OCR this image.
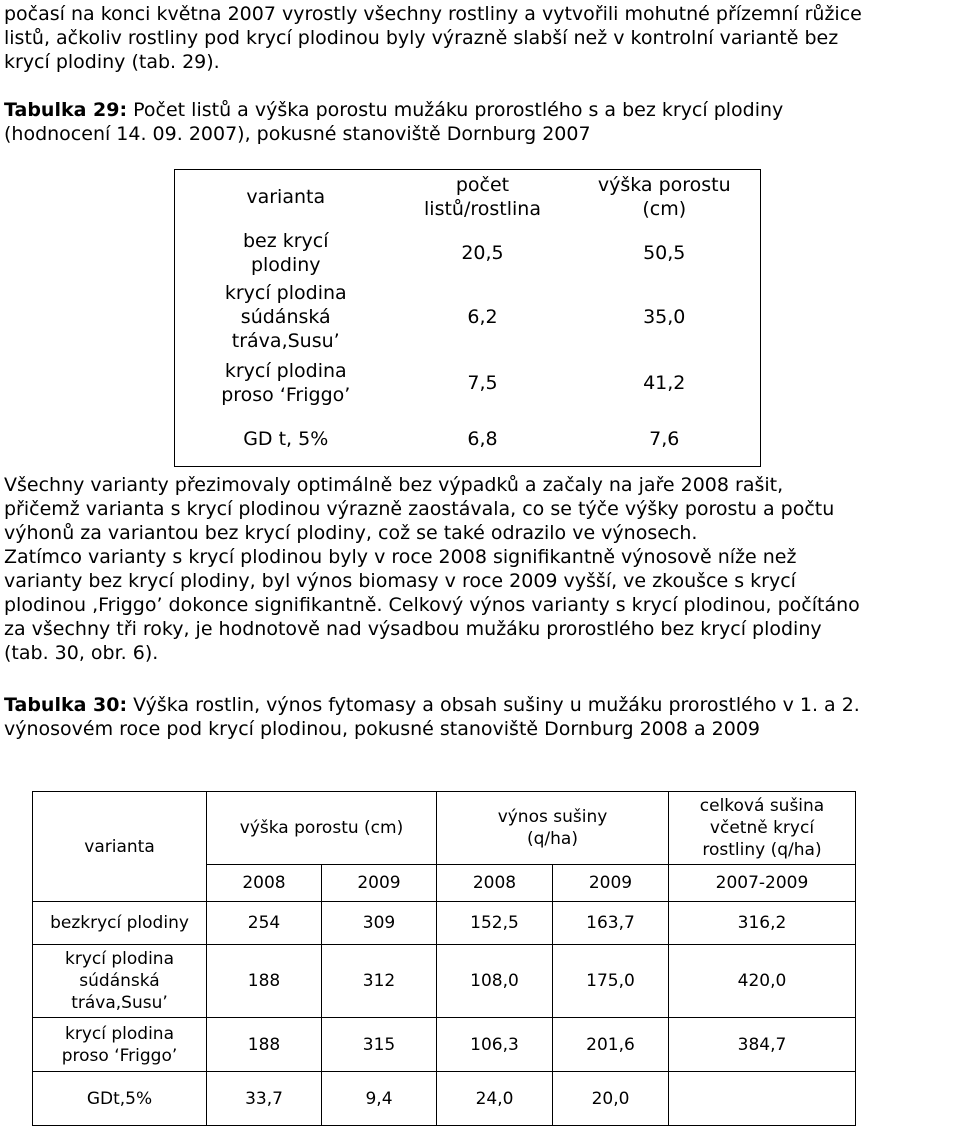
počasí na konci května 2007 vyrostly všechny rostliny a vytvořili mohutné přízemní růžice
listů, ačkoliv rostliny pod krycí plodinou byly výrazně slabší než v kontrolní variantě bez
krycí plodiny (tab. 29).

Tabulka 29: Počet listů a výška porostu mužáku prorostlého s a bez krycí plodiny
(hodnocení 14. 09. 2007), pokusné stanoviště Dornburg 2007

varianta	počet listů/rostlina	výška porostu (cm)

bez krycí plodiny	20,5	50,5

krycí plodina súdánská tráva,Susu’	6,2	35,0

krycí plodina proso ‘Friggo’	7,5	41,2
GD t, 5%	6,8	7,6

Všechny varianty přezimovaly optimálně bez výpadků a začaly na jaře 2008 rašit,
přičemž varianta s krycí plodinou výrazně zaostávala, co se týče výšky porostu a počtu
výhonů za variantou bez krycí plodiny, což se také odrazilo ve výnosech.
Zatímco varianty s krycí plodinou byly v roce 2008 signifikantně výnosově níže než
varianty bez krycí plodiny, byl výnos biomasy v roce 2009 vyšší, ve zkoušce s krycí
plodinou ‚Friggo’ dokonce signifikantně. Celkový výnos varianty s krycí plodinou, počítáno
za všechny tři roky, je hodnotově nad výsadbou mužáku prorostlého bez krycí plodiny
(tab. 30, obr. 6).

Tabulka 30: Výška rostlin, výnos fytomasy a obsah sušiny u mužáku prorostlého v 1. a 2.
výnosovém roce pod krycí plodinou, pokusné stanoviště Dornburg 2008 a 2009

varianta	výška porostu (cm)		výnos sušiny (q/ha)		celková sušina včetně krycí rostliny (q/ha)

	2008	2009	2008	2009	2007-2009
bezkrycí plodiny	254	309	152,5	163,7	316,2

krycí plodina súdánská tráva,Susu’	188	312	108,0	175,0	420,0

krycí plodina proso ‘Friggo’	188	315	106,3	201,6	384,7
GDt,5%	33,7	9,4	24,0	20,0	
